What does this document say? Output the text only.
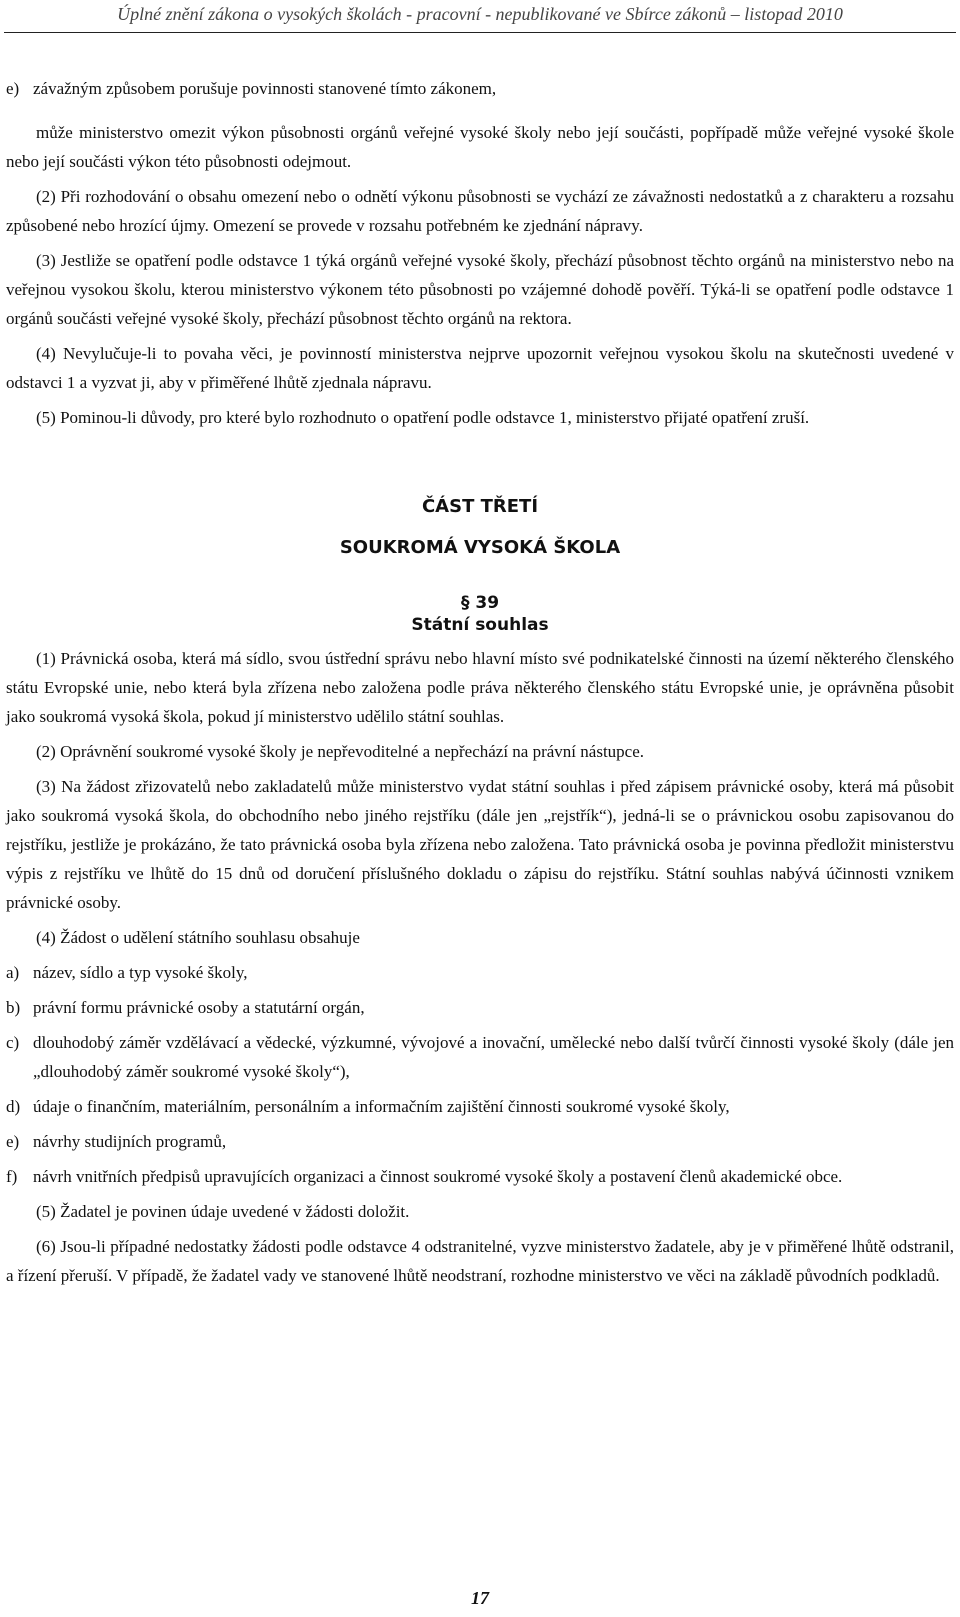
Úplné znění zákona o vysokých školách - pracovní - nepublikované ve Sbírce zákonů – listopad 2010
e) závažným způsobem porušuje povinnosti stanovené tímto zákonem,

může ministerstvo omezit výkon působnosti orgánů veřejné vysoké školy nebo její součásti, popřípadě může veřejné vysoké škole nebo její součásti výkon této působnosti odejmout.

(2) Při rozhodování o obsahu omezení nebo o odnětí výkonu působnosti se vychází ze závažnosti nedostatků a z charakteru a rozsahu způsobené nebo hrozící újmy. Omezení se provede v rozsahu potřebném ke zjednání nápravy.

(3) Jestliže se opatření podle odstavce 1 týká orgánů veřejné vysoké školy, přechází působnost těchto orgánů na ministerstvo nebo na veřejnou vysokou školu, kterou ministerstvo výkonem této působnosti po vzájemné dohodě pověří. Týká-li se opatření podle odstavce 1 orgánů součásti veřejné vysoké školy, přechází působnost těchto orgánů na rektora.

(4) Nevylučuje-li to povaha věci, je povinností ministerstva nejprve upozornit veřejnou vysokou školu na skutečnosti uvedené v odstavci 1 a vyzvat ji, aby v přiměřené lhůtě zjednala nápravu.

(5) Pominou-li důvody, pro které bylo rozhodnuto o opatření podle odstavce 1, ministerstvo přijaté opatření zruší.

ČÁST TŘETÍ
SOUKROMÁ VYSOKÁ ŠKOLA
§ 39
Státní souhlas

(1) Právnická osoba, která má sídlo, svou ústřední správu nebo hlavní místo své podnikatelské činnosti na území některého členského státu Evropské unie, nebo která byla zřízena nebo založena podle práva některého členského státu Evropské unie, je oprávněna působit jako soukromá vysoká škola, pokud jí ministerstvo udělilo státní souhlas.

(2) Oprávnění soukromé vysoké školy je nepřevoditelné a nepřechází na právní nástupce.

(3) Na žádost zřizovatelů nebo zakladatelů může ministerstvo vydat státní souhlas i před zápisem právnické osoby, která má působit jako soukromá vysoká škola, do obchodního nebo jiného rejstříku (dále jen „rejstřík“), jedná-li se o právnickou osobu zapisovanou do rejstříku, jestliže je prokázáno, že tato právnická osoba byla zřízena nebo založena. Tato právnická osoba je povinna předložit ministerstvu výpis z rejstříku ve lhůtě do 15 dnů od doručení příslušného dokladu o zápisu do rejstříku. Státní souhlas nabývá účinnosti vznikem právnické osoby.

(4) Žádost o udělení státního souhlasu obsahuje

a) název, sídlo a typ vysoké školy,
b) právní formu právnické osoby a statutární orgán,
c) dlouhodobý záměr vzdělávací a vědecké, výzkumné, vývojové a inovační, umělecké nebo další tvůrčí činnosti vysoké školy (dále jen „dlouhodobý záměr soukromé vysoké školy“),
d) údaje o finančním, materiálním, personálním a informačním zajištění činnosti soukromé vysoké školy,
e) návrhy studijních programů,
f) návrh vnitřních předpisů upravujících organizaci a činnost soukromé vysoké školy a postavení členů akademické obce.

(5) Žadatel je povinen údaje uvedené v žádosti doložit.

(6) Jsou-li případné nedostatky žádosti podle odstavce 4 odstranitelné, vyzve ministerstvo žadatele, aby je v přiměřené lhůtě odstranil, a řízení přeruší. V případě, že žadatel vady ve stanovené lhůtě neodstraní, rozhodne ministerstvo ve věci na základě původních podkladů.

17
